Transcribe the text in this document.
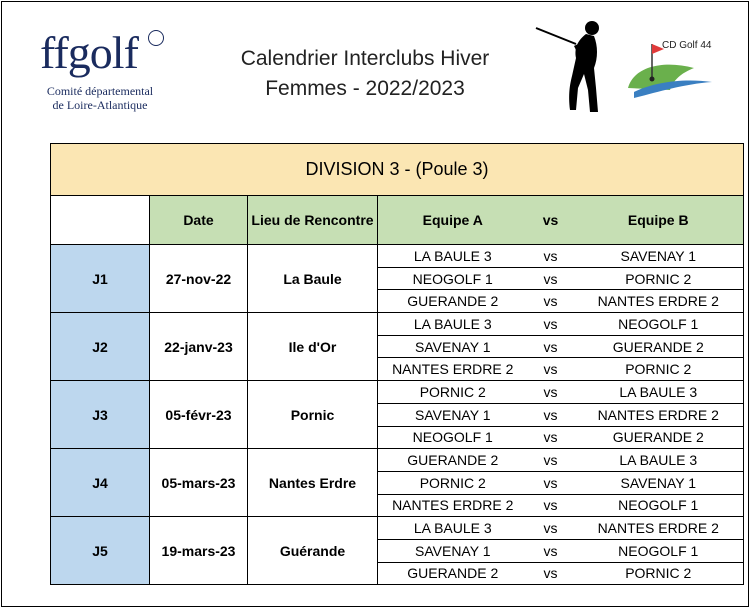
ffgolf
Comité départemental
de Loire-Atlantique
Calendrier Interclubs Hiver
Femmes - 2022/2023
CD Golf 44
DIVISION 3 - (Poule 3)					
	Date	Lieu de Rencontre	Equipe A	vs	Equipe B
J1	27-nov-22	La Baule	LA BAULE 3	vs	SAVENAY 1
			NEOGOLF 1	vs	PORNIC 2
			GUERANDE 2	vs	NANTES ERDRE 2
J2	22-janv-23	Ile d'Or	LA BAULE 3	vs	NEOGOLF 1
			SAVENAY 1	vs	GUERANDE 2
			NANTES ERDRE 2	vs	PORNIC 2
J3	05-févr-23	Pornic	PORNIC 2	vs	LA BAULE 3
			SAVENAY 1	vs	NANTES ERDRE 2
			NEOGOLF 1	vs	GUERANDE 2
J4	05-mars-23	Nantes Erdre	GUERANDE 2	vs	LA BAULE 3
			PORNIC 2	vs	SAVENAY 1
			NANTES ERDRE 2	vs	NEOGOLF 1
J5	19-mars-23	Guérande	LA BAULE 3	vs	NANTES ERDRE 2
			SAVENAY 1	vs	NEOGOLF 1
			GUERANDE 2	vs	PORNIC 2
